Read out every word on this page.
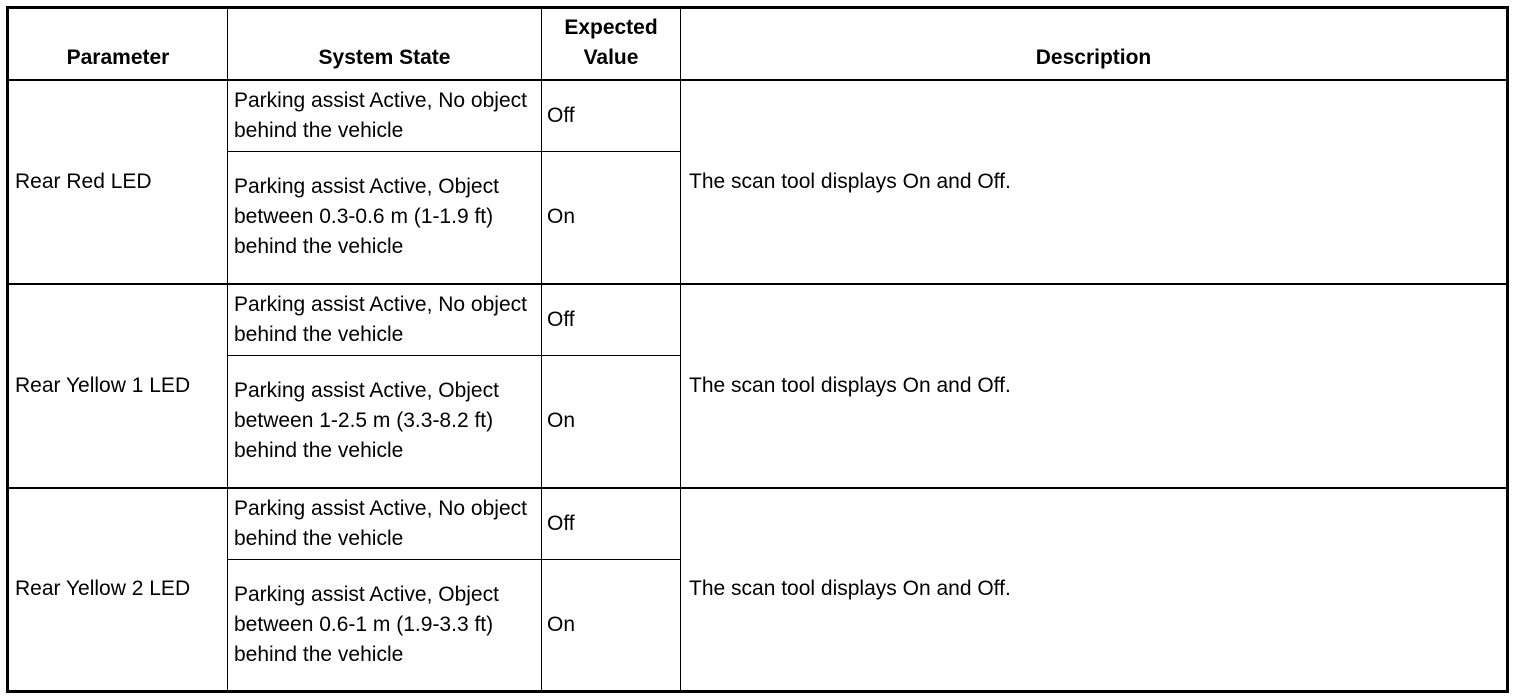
Parameter	System State	Expected Value	Description
Rear Red LED	Parking assist Active, No object behind the vehicle	Off	The scan tool displays On and Off.
	Parking assist Active, Object between 0.3-0.6 m (1-1.9 ft) behind the vehicle	On	
Rear Yellow 1 LED	Parking assist Active, No object behind the vehicle	Off	The scan tool displays On and Off.
	Parking assist Active, Object between 1-2.5 m (3.3-8.2 ft) behind the vehicle	On	
Rear Yellow 2 LED	Parking assist Active, No object behind the vehicle	Off	The scan tool displays On and Off.
	Parking assist Active, Object between 0.6-1 m (1.9-3.3 ft) behind the vehicle	On	
